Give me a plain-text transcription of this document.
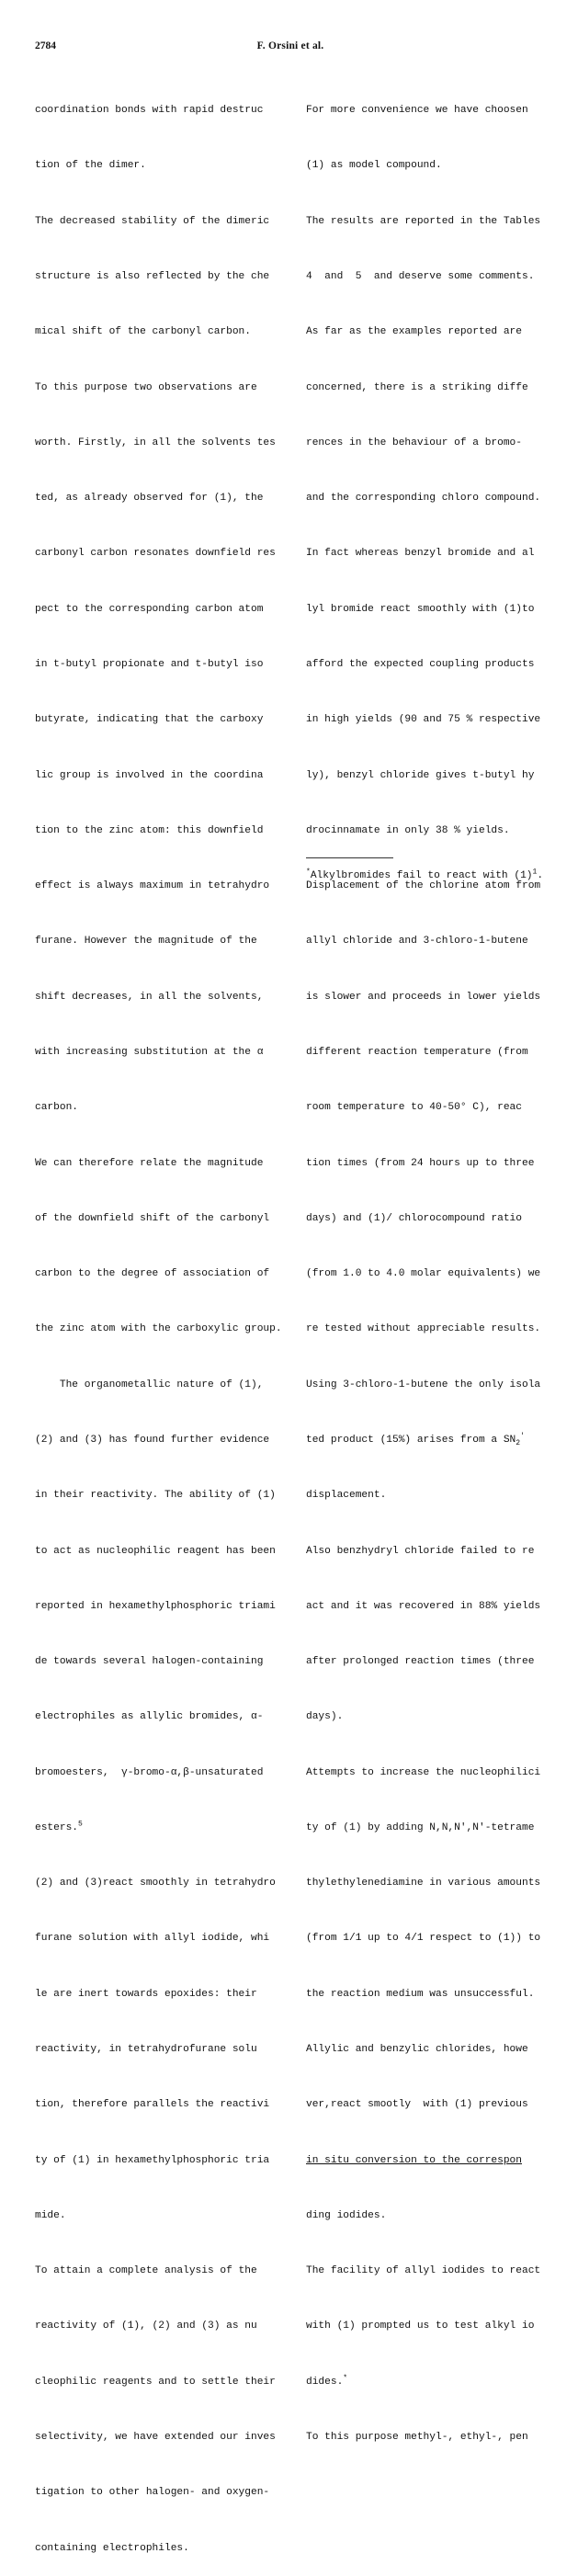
2784	F. Orsini et al.

coordination bonds with rapid destruc

tion of the dimer.

The decreased stability of the dimeric

structure is also reflected by the che

mical shift of the carbonyl carbon.

To this purpose two observations are

worth. Firstly, in all the solvents tes

ted, as already observed for (1), the

carbonyl carbon resonates downfield res

pect to the corresponding carbon atom

in t-butyl propionate and t-butyl iso

butyrate, indicating that the carboxy

lic group is involved in the coordina

tion to the zinc atom: this downfield

effect is always maximum in tetrahydro

furane. However the magnitude of the

shift decreases, in all the solvents,

with increasing substitution at the α

carbon.

We can therefore relate the magnitude

of the downfield shift of the carbonyl

carbon to the degree of association of

the zinc atom with the carboxylic group.

The organometallic nature of (1),

(2) and (3) has found further evidence

in their reactivity. The ability of (1)

to act as nucleophilic reagent has been

reported in hexamethylphosphoric triami

de towards several halogen-containing

electrophiles as allylic bromides, α-

bromoesters,  γ-bromo-α,β-unsaturated

esters.$^5$

(2) and (3)react smoothly in tetrahydro

furane solution with allyl iodide, whi

le are inert towards epoxides: their

reactivity, in tetrahydrofurane solu

tion, therefore parallels the reactivi

ty of (1) in hexamethylphosphoric tria

mide.

To attain a complete analysis of the

reactivity of (1), (2) and (3) as nu

cleophilic reagents and to settle their

selectivity, we have extended our inves

tigation to other halogen- and oxygen-

containing electrophiles.

For more convenience we have choosen

(1) as model compound.

The results are reported in the Tables

4  and  5  and deserve some comments.

As far as the examples reported are

concerned, there is a striking diffe

rences in the behaviour of a bromo-

and the corresponding chloro compound.

In fact whereas benzyl bromide and al

lyl bromide react smoothly with (1)to

afford the expected coupling products

in high yields (90 and 75 % respective

ly), benzyl chloride gives t-butyl hy

drocinnamate in only 38 % yields.

Displacement of the chlorine atom from

allyl chloride and 3-chloro-1-butene

is slower and proceeds in lower yields

different reaction temperature (from

room temperature to 40-50° C), reac

tion times (from 24 hours up to three

days) and (1)/ chlorocompound ratio

(from 1.0 to 4.0 molar equivalents) we

re tested without appreciable results.

Using 3-chloro-1-butene the only isola

ted product (15%) arises from a $SN_2'$

displacement.

Also benzhydryl chloride failed to re

act and it was recovered in 88% yields

after prolonged reaction times (three

days).

Attempts to increase the nucleophilici

ty of (1) by adding N,N,N',N'-tetrame

thylethylenediamine in various amounts

(from 1/1 up to 4/1 respect to (1)) to

the reaction medium was unsuccessful.

Allylic and benzylic chlorides, howe

ver,react smootly  with (1) previous

in situ conversion to the correspon

ding iodides.

The facility of allyl iodides to react

with (1) prompted us to test alkyl io

dides.*

To this purpose methyl-, ethyl-, pen

*Alkylbromides fail to react with $(1)^1$.
